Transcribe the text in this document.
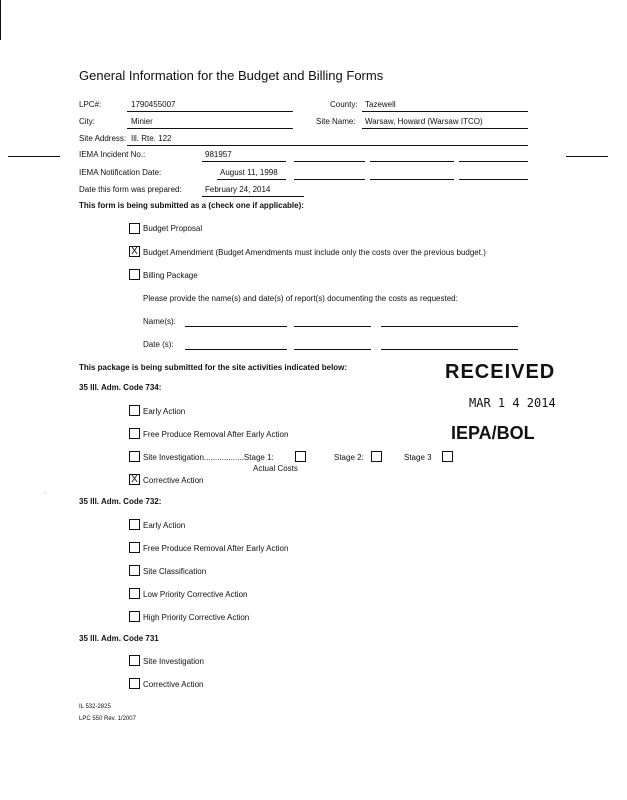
General Information for the Budget and Billing Forms
LPC#:	1790455007	County: Tazewell
City:	Minier	Site Name: Warsaw, Howard (Warsaw ITCO)
Site Address: Ill. Rte. 122
IEMA Incident No.:	981957
IEMA Notification Date:	August 11, 1998
Date this form was prepared:	February 24, 2014
This form is being submitted as a (check one if applicable):
Budget Proposal
X Budget Amendment (Budget Amendments must include only the costs over the previous budget.)
Billing Package
Please provide the name(s) and date(s) of report(s) documenting the costs as requested:
Name(s):
Date (s):
This package is being submitted for the site activities indicated below:	RECEIVED
MAR 1 4 2014
IEPA/BOL
35 Ill. Adm. Code 734:
Early Action
Free Produce Removal After Early Action
Site Investigation..................Stage 1:	Stage 2:	Stage 3
Actual Costs
X Corrective Action
·
35 Ill. Adm. Code 732:
Early Action
Free Produce Removal After Early Action
Site Classification
Low Priority Corrective Action
High Priority Corrective Action
35 Ill. Adm. Code 731
Site Investigation
Corrective Action
IL 532-2825
LPC 550 Rev. 1/2007
